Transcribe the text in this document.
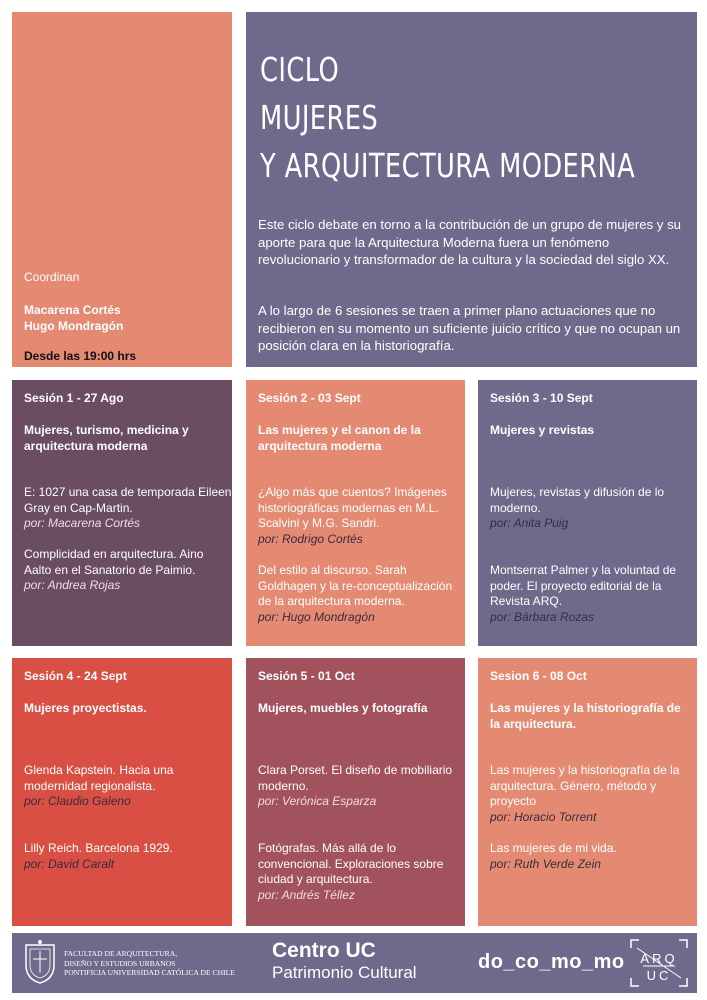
Coordinan
Macarena Cortés
Hugo Mondragón
Desde las 19:00 hrs
CICLO
MUJERES
Y ARQUITECTURA MODERNA
Este ciclo debate en torno a la contribución de un grupo de mujeres y su aporte para que la Arquitectura Moderna fuera un fenómeno revolucionario y transformador de la cultura y la sociedad del siglo XX.
A lo largo de 6 sesiones se traen a primer plano actuaciones que no recibieron en su momento un suficiente juicio crítico y que no ocupan un posición clara en la historiografía.
Sesión 1 - 27 Ago
Mujeres, turismo, medicina y arquitectura moderna
E: 1027 una casa de temporada Eileen Gray en Cap-Martin.
por: Macarena Cortés
Complicidad en arquitectura. Aino Aalto en el Sanatorio de Paimio.
por: Andrea Rojas
Sesión 2 - 03 Sept
Las mujeres y el canon de la arquitectura moderna
¿Algo más que cuentos? Imágenes historiográficas modernas en M.L. Scalvini y M.G. Sandri.
por: Rodrigo Cortés
Del estilo al discurso. Sarah Goldhagen y la re-conceptualización de la arquitectura moderna.
por: Hugo Mondragón
Sesión 3 - 10 Sept
Mujeres y revistas
Mujeres, revistas y difusión de lo moderno.
por: Anita Puig
Montserrat Palmer y la voluntad de poder. El proyecto editorial de la Revista ARQ.
por: Bárbara Rozas
Sesión 4 - 24 Sept
Mujeres proyectistas.
Glenda Kapstein. Hacia una modernidad regionalista.
por: Claudio Galeno
Lilly Reich. Barcelona 1929.
por: David Caralt
Sesión 5 - 01 Oct
Mujeres, muebles y fotografía
Clara Porset. El diseño de mobiliario moderno.
por: Verónica Esparza
Fotógrafas. Más allá de lo convencional. Exploraciones sobre ciudad y arquitectura.
por: Andrés Téllez
Sesion 6 - 08 Oct
Las mujeres y la historiografía de la arquitectura.
Las mujeres y la historiografía de la arquitectura. Género, método y proyecto
por: Horacio Torrent
Las mujeres de mi vida.
por: Ruth Verde Zein
FACULTAD DE ARQUITECTURA,
DISEÑO Y ESTUDIOS URBANOS
PONTIFICIA UNIVERSIDAD CATÓLICA DE CHILE
Centro UC
Patrimonio Cultural	do_co_mo_mo	ARQ
UC
